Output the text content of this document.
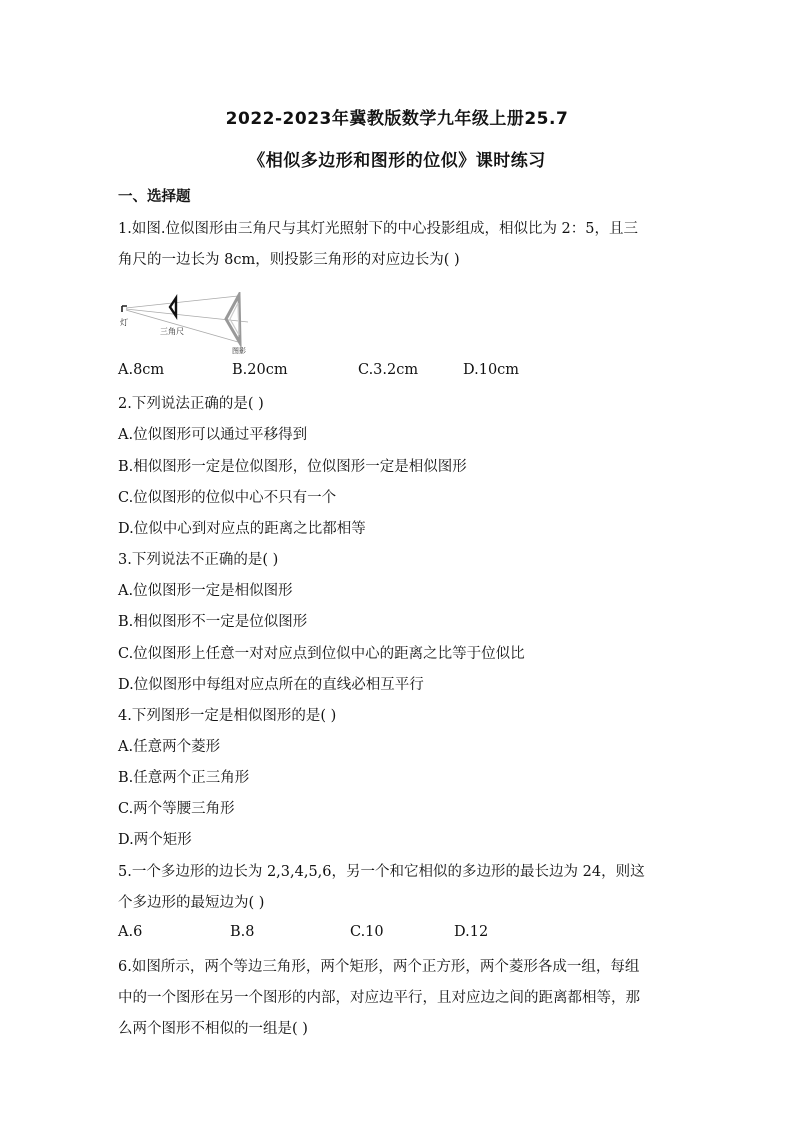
2022-2023年冀教版数学九年级上册25.7
《相似多边形和图形的位似》课时练习
一、选择题
1.如图.位似图形由三角尺与其灯光照射下的中心投影组成，相似比为 2：5，且三
角尺的一边长为 8cm，则投影三角形的对应边长为( )
灯
三角尺
图影
A.8cm	B.20cm	C.3.2cm	D.10cm
2.下列说法正确的是( )
A.位似图形可以通过平移得到
B.相似图形一定是位似图形，位似图形一定是相似图形
C.位似图形的位似中心不只有一个
D.位似中心到对应点的距离之比都相等
3.下列说法不正确的是( )
A.位似图形一定是相似图形
B.相似图形不一定是位似图形
C.位似图形上任意一对对应点到位似中心的距离之比等于位似比
D.位似图形中每组对应点所在的直线必相互平行
4.下列图形一定是相似图形的是( )
A.任意两个菱形
B.任意两个正三角形
C.两个等腰三角形
D.两个矩形
5.一个多边形的边长为 2,3,4,5,6，另一个和它相似的多边形的最长边为 24，则这
个多边形的最短边为( )
A.6	B.8	C.10	D.12
6.如图所示，两个等边三角形，两个矩形，两个正方形，两个菱形各成一组，每组
中的一个图形在另一个图形的内部，对应边平行，且对应边之间的距离都相等，那
么两个图形不相似的一组是( )
